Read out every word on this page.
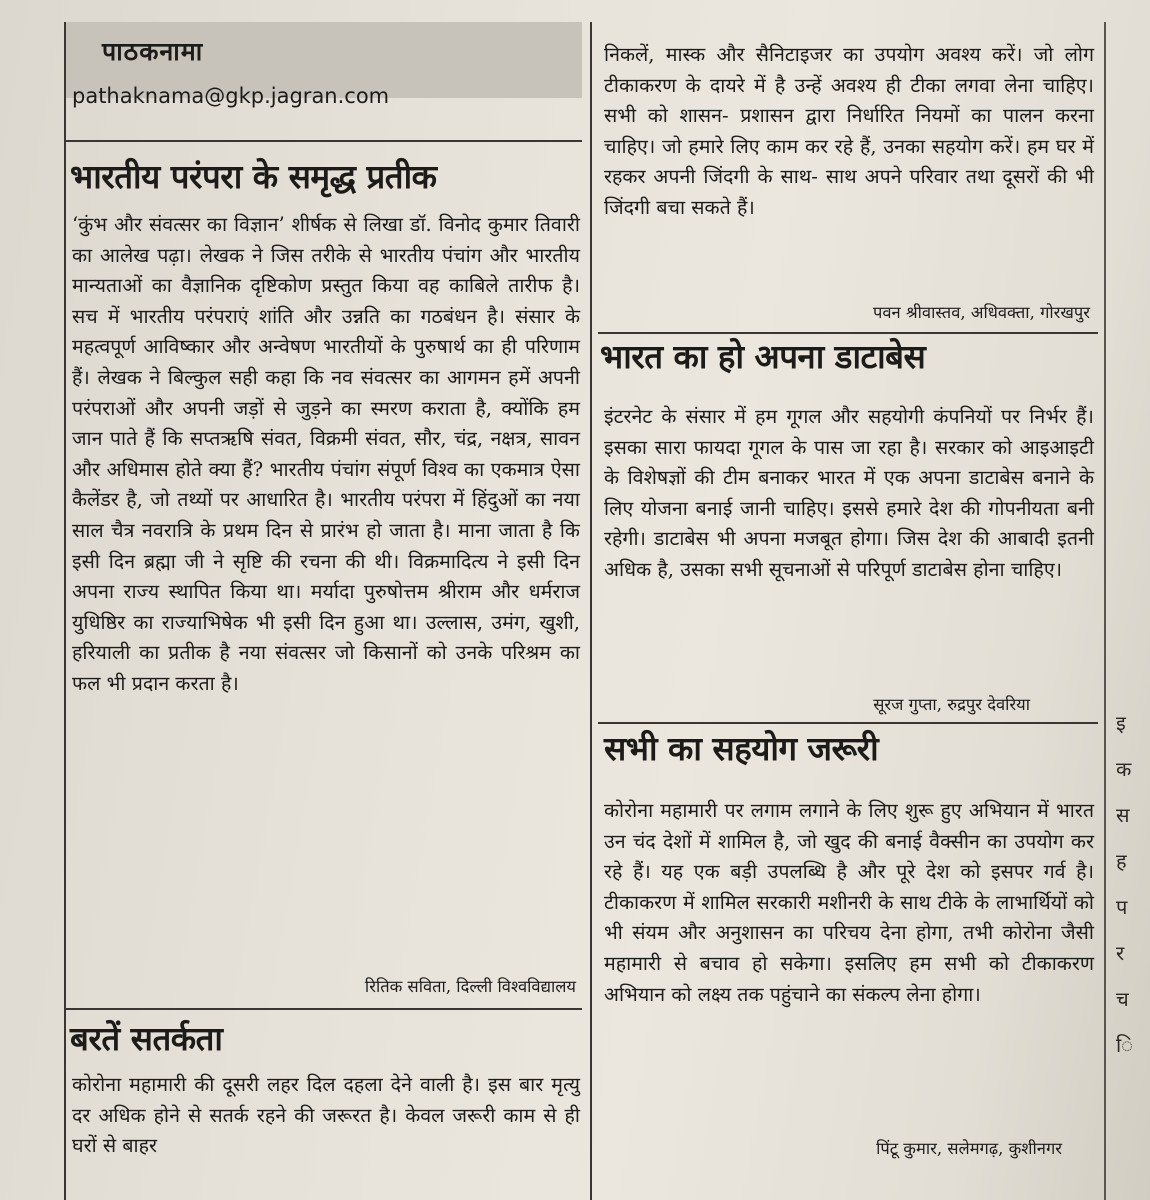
पाठकनामा
pathaknama@gkp.jagran.com
भारतीय परंपरा के समृद्ध प्रतीक
‘कुंभ और संवत्सर का विज्ञान’ शीर्षक से लिखा डॉ. विनोद कुमार तिवारी का आलेख पढ़ा। लेखक ने जिस तरीके से भारतीय पंचांग और भारतीय मान्यताओं का वैज्ञानिक दृष्टिकोण प्रस्तुत किया वह काबिले तारीफ है। सच में भारतीय परंपराएं शांति और उन्नति का गठबंधन है। संसार के महत्वपूर्ण आविष्कार और अन्वेषण भारतीयों के पुरुषार्थ का ही परिणाम हैं। लेखक ने बिल्कुल सही कहा कि नव संवत्सर का आगमन हमें अपनी परंपराओं और अपनी जड़ों से जुड़ने का स्मरण कराता है, क्योंकि हम जान पाते हैं कि सप्तऋषि संवत, विक्रमी संवत, सौर, चंद्र, नक्षत्र, सावन और अधिमास होते क्या हैं? भारतीय पंचांग संपूर्ण विश्व का एकमात्र ऐसा कैलेंडर है, जो तथ्यों पर आधारित है। भारतीय परंपरा में हिंदुओं का नया साल चैत्र नवरात्रि के प्रथम दिन से प्रारंभ हो जाता है। माना जाता है कि इसी दिन ब्रह्मा जी ने सृष्टि की रचना की थी। विक्रमादित्य ने इसी दिन अपना राज्य स्थापित किया था। मर्यादा पुरुषोत्तम श्रीराम और धर्मराज युधिष्ठिर का राज्याभिषेक भी इसी दिन हुआ था। उल्लास, उमंग, खुशी, हरियाली का प्रतीक है नया संवत्सर जो किसानों को उनके परिश्रम का फल भी प्रदान करता है।
रितिक सविता, दिल्ली विश्वविद्यालय
बरतें सतर्कता
कोरोना महामारी की दूसरी लहर दिल दहला देने वाली है। इस बार मृत्यु दर अधिक होने से सतर्क रहने की जरूरत है। केवल जरूरी काम से ही घरों से बाहर
निकलें, मास्क और सैनिटाइजर का उपयोग अवश्य करें। जो लोग टीकाकरण के दायरे में है उन्हें अवश्य ही टीका लगवा लेना चाहिए। सभी को शासन- प्रशासन द्वारा निर्धारित नियमों का पालन करना चाहिए। जो हमारे लिए काम कर रहे हैं, उनका सहयोग करें। हम घर में रहकर अपनी जिंदगी के साथ- साथ अपने परिवार तथा दूसरों की भी जिंदगी बचा सकते हैं।
पवन श्रीवास्तव, अधिवक्ता, गोरखपुर
भारत का हो अपना डाटाबेस
इंटरनेट के संसार में हम गूगल और सहयोगी कंपनियों पर निर्भर हैं। इसका सारा फायदा गूगल के पास जा रहा है। सरकार को आइआइटी के विशेषज्ञों की टीम बनाकर भारत में एक अपना डाटाबेस बनाने के लिए योजना बनाई जानी चाहिए। इससे हमारे देश की गोपनीयता बनी रहेगी। डाटाबेस भी अपना मजबूत होगा। जिस देश की आबादी इतनी अधिक है, उसका सभी सूचनाओं से परिपूर्ण डाटाबेस होना चाहिए।
सूरज गुप्ता, रुद्रपुर देवरिया
सभी का सहयोग जरूरी
कोरोना महामारी पर लगाम लगाने के लिए शुरू हुए अभियान में भारत उन चंद देशों में शामिल है, जो खुद की बनाई वैक्सीन का उपयोग कर रहे हैं। यह एक बड़ी उपलब्धि है और पूरे देश को इसपर गर्व है। टीकाकरण में शामिल सरकारी मशीनरी के साथ टीके के लाभार्थियों को भी संयम और अनुशासन का परिचय देना होगा, तभी कोरोना जैसी महामारी से बचाव हो सकेगा। इसलिए हम सभी को टीकाकरण अभियान को लक्ष्य तक पहुंचाने का संकल्प लेना होगा।
पिंटू कुमार, सलेमगढ़, कुशीनगर
इ
क
स
ह
प
र
च
ि
